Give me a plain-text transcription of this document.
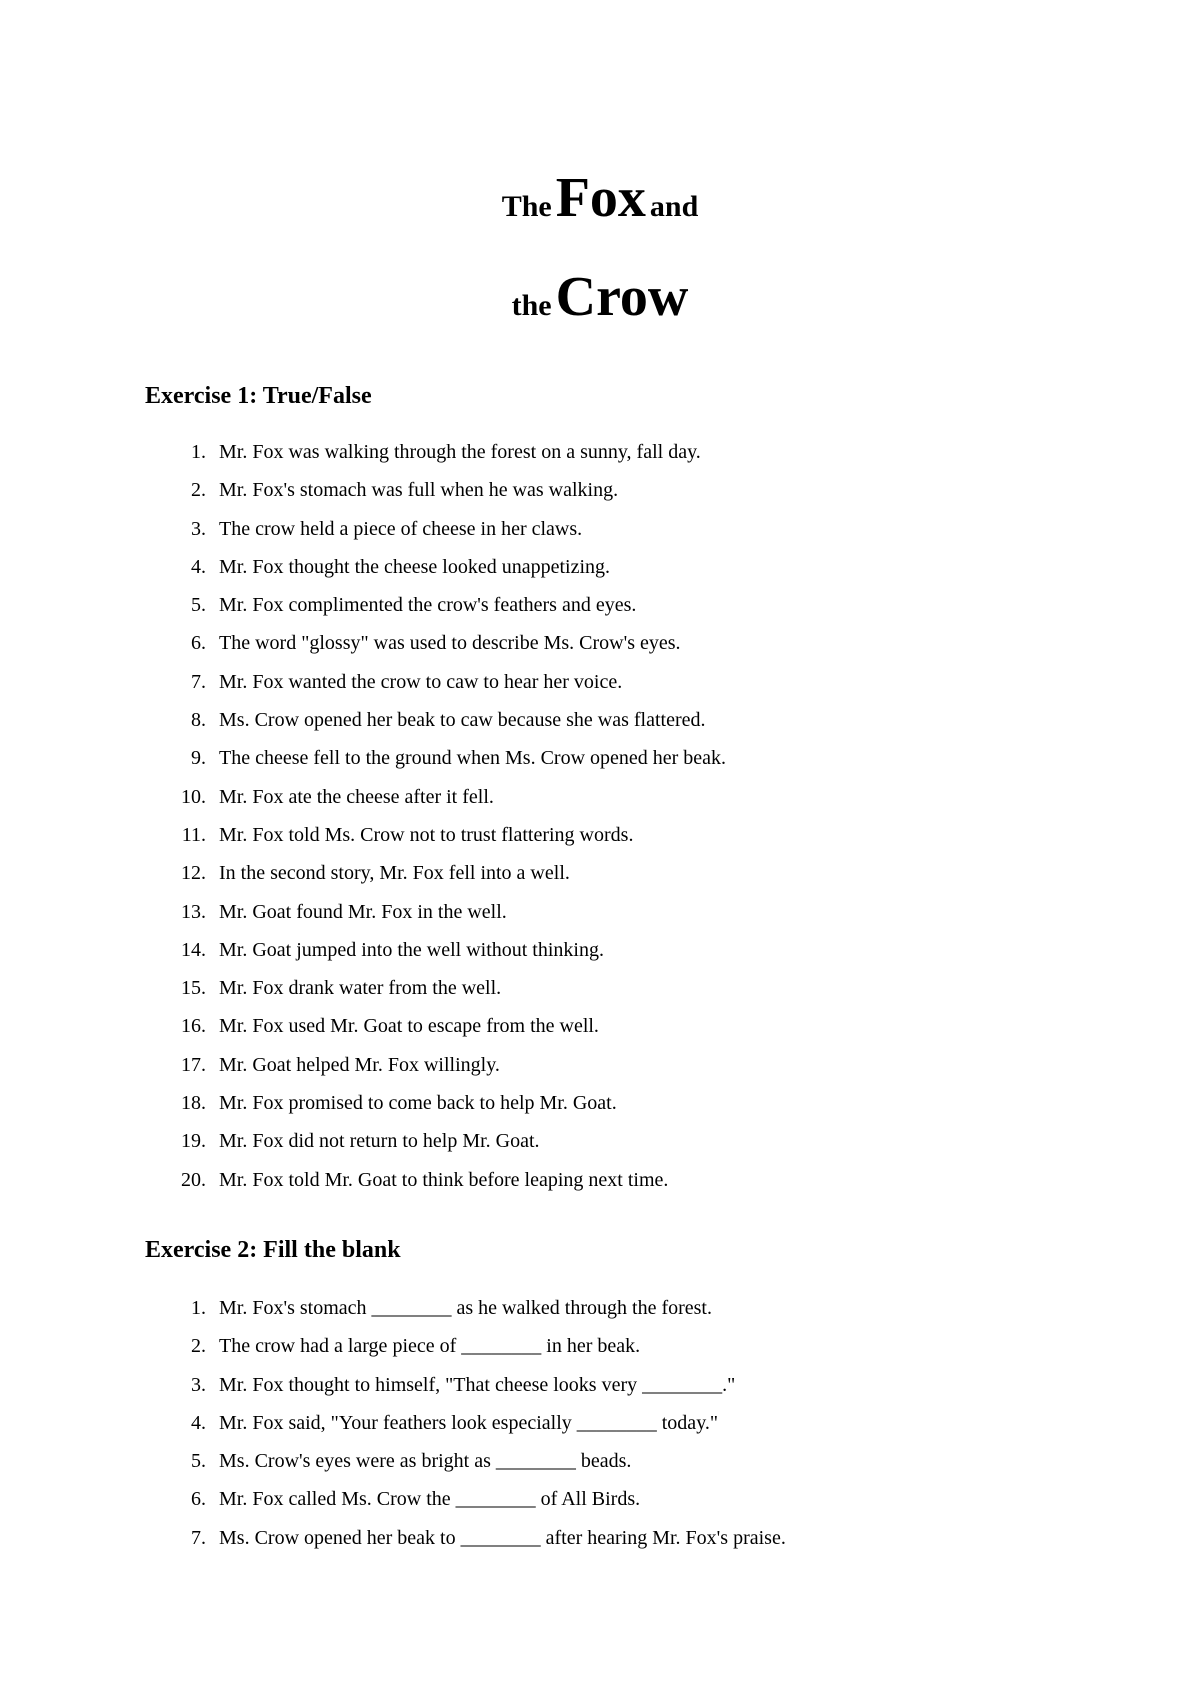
The Fox and
the Crow
Exercise 1: True/False
1. Mr. Fox was walking through the forest on a sunny, fall day.
2. Mr. Fox's stomach was full when he was walking.
3. The crow held a piece of cheese in her claws.
4. Mr. Fox thought the cheese looked unappetizing.
5. Mr. Fox complimented the crow's feathers and eyes.
6. The word "glossy" was used to describe Ms. Crow's eyes.
7. Mr. Fox wanted the crow to caw to hear her voice.
8. Ms. Crow opened her beak to caw because she was flattered.
9. The cheese fell to the ground when Ms. Crow opened her beak.
10. Mr. Fox ate the cheese after it fell.
11. Mr. Fox told Ms. Crow not to trust flattering words.
12. In the second story, Mr. Fox fell into a well.
13. Mr. Goat found Mr. Fox in the well.
14. Mr. Goat jumped into the well without thinking.
15. Mr. Fox drank water from the well.
16. Mr. Fox used Mr. Goat to escape from the well.
17. Mr. Goat helped Mr. Fox willingly.
18. Mr. Fox promised to come back to help Mr. Goat.
19. Mr. Fox did not return to help Mr. Goat.
20. Mr. Fox told Mr. Goat to think before leaping next time.
Exercise 2: Fill the blank
1. Mr. Fox's stomach ________ as he walked through the forest.
2. The crow had a large piece of ________ in her beak.
3. Mr. Fox thought to himself, "That cheese looks very ________."
4. Mr. Fox said, "Your feathers look especially ________ today."
5. Ms. Crow's eyes were as bright as ________ beads.
6. Mr. Fox called Ms. Crow the ________ of All Birds.
7. Ms. Crow opened her beak to ________ after hearing Mr. Fox's praise.
